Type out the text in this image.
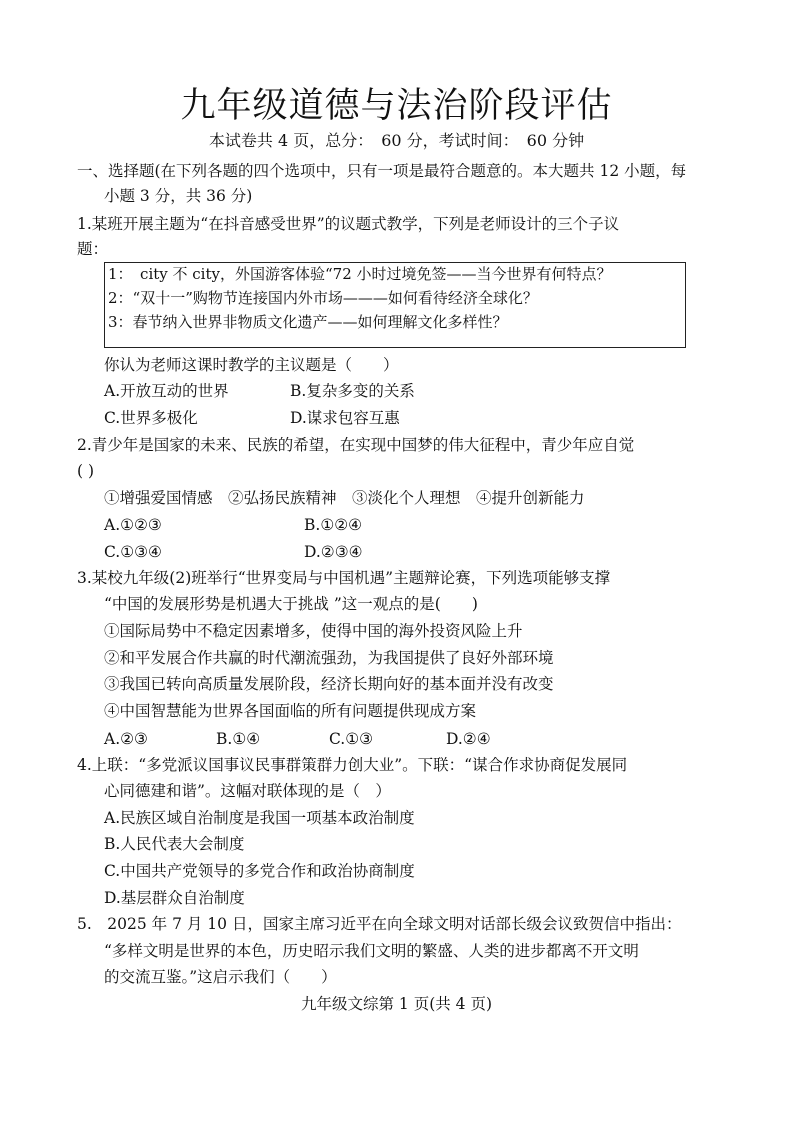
九年级道德与法治阶段评估
本试卷共 4 页，总分：　60 分，考试时间：　60 分钟
一、选择题(在下列各题的四个选项中，只有一项是最符合题意的。本大题共 12 小题，每
小题 3 分，共 36 分)
1.某班开展主题为“在抖音感受世界”的议题式教学，下列是老师设计的三个子议
题：
1：　city 不 city，外国游客体验“72 小时过境免签——当今世界有何特点？
2：“双十一”购物节连接国内外市场———如何看待经济全球化？
3：春节纳入世界非物质文化遗产——如何理解文化多样性？
你认为老师这课时教学的主议题是（　　）
A.开放互动的世界	B.复杂多变的关系
C.世界多极化	D.谋求包容互惠
2.青少年是国家的未来、民族的希望，在实现中国梦的伟大征程中，青少年应自觉
( )
①增强爱国情感　②弘扬民族精神　③淡化个人理想　④提升创新能力
A.①②③	B.①②④
C.①③④	D.②③④
3.某校九年级(2)班举行“世界变局与中国机遇”主题辩论赛，下列选项能够支撑
“中国的发展形势是机遇大于挑战 ”这一观点的是(　　)
①国际局势中不稳定因素增多，使得中国的海外投资风险上升
②和平发展合作共赢的时代潮流强劲，为我国提供了良好外部环境
③我国已转向高质量发展阶段，经济长期向好的基本面并没有改变
④中国智慧能为世界各国面临的所有问题提供现成方案
A.②③	B.①④	C.①③	D.②④
4.上联：“多党派议国事议民事群策群力创大业”。下联：“谋合作求协商促发展同
心同德建和谐”。这幅对联体现的是（　）
A.民族区域自治制度是我国一项基本政治制度
B.人民代表大会制度
C.中国共产党领导的多党合作和政治协商制度
D.基层群众自治制度
5.　2025 年 7 月 10 日，国家主席习近平在向全球文明对话部长级会议致贺信中指出：
“多样文明是世界的本色，历史昭示我们文明的繁盛、人类的进步都离不开文明
的交流互鉴。”这启示我们（　　）
九年级文综第 1 页(共 4 页)
